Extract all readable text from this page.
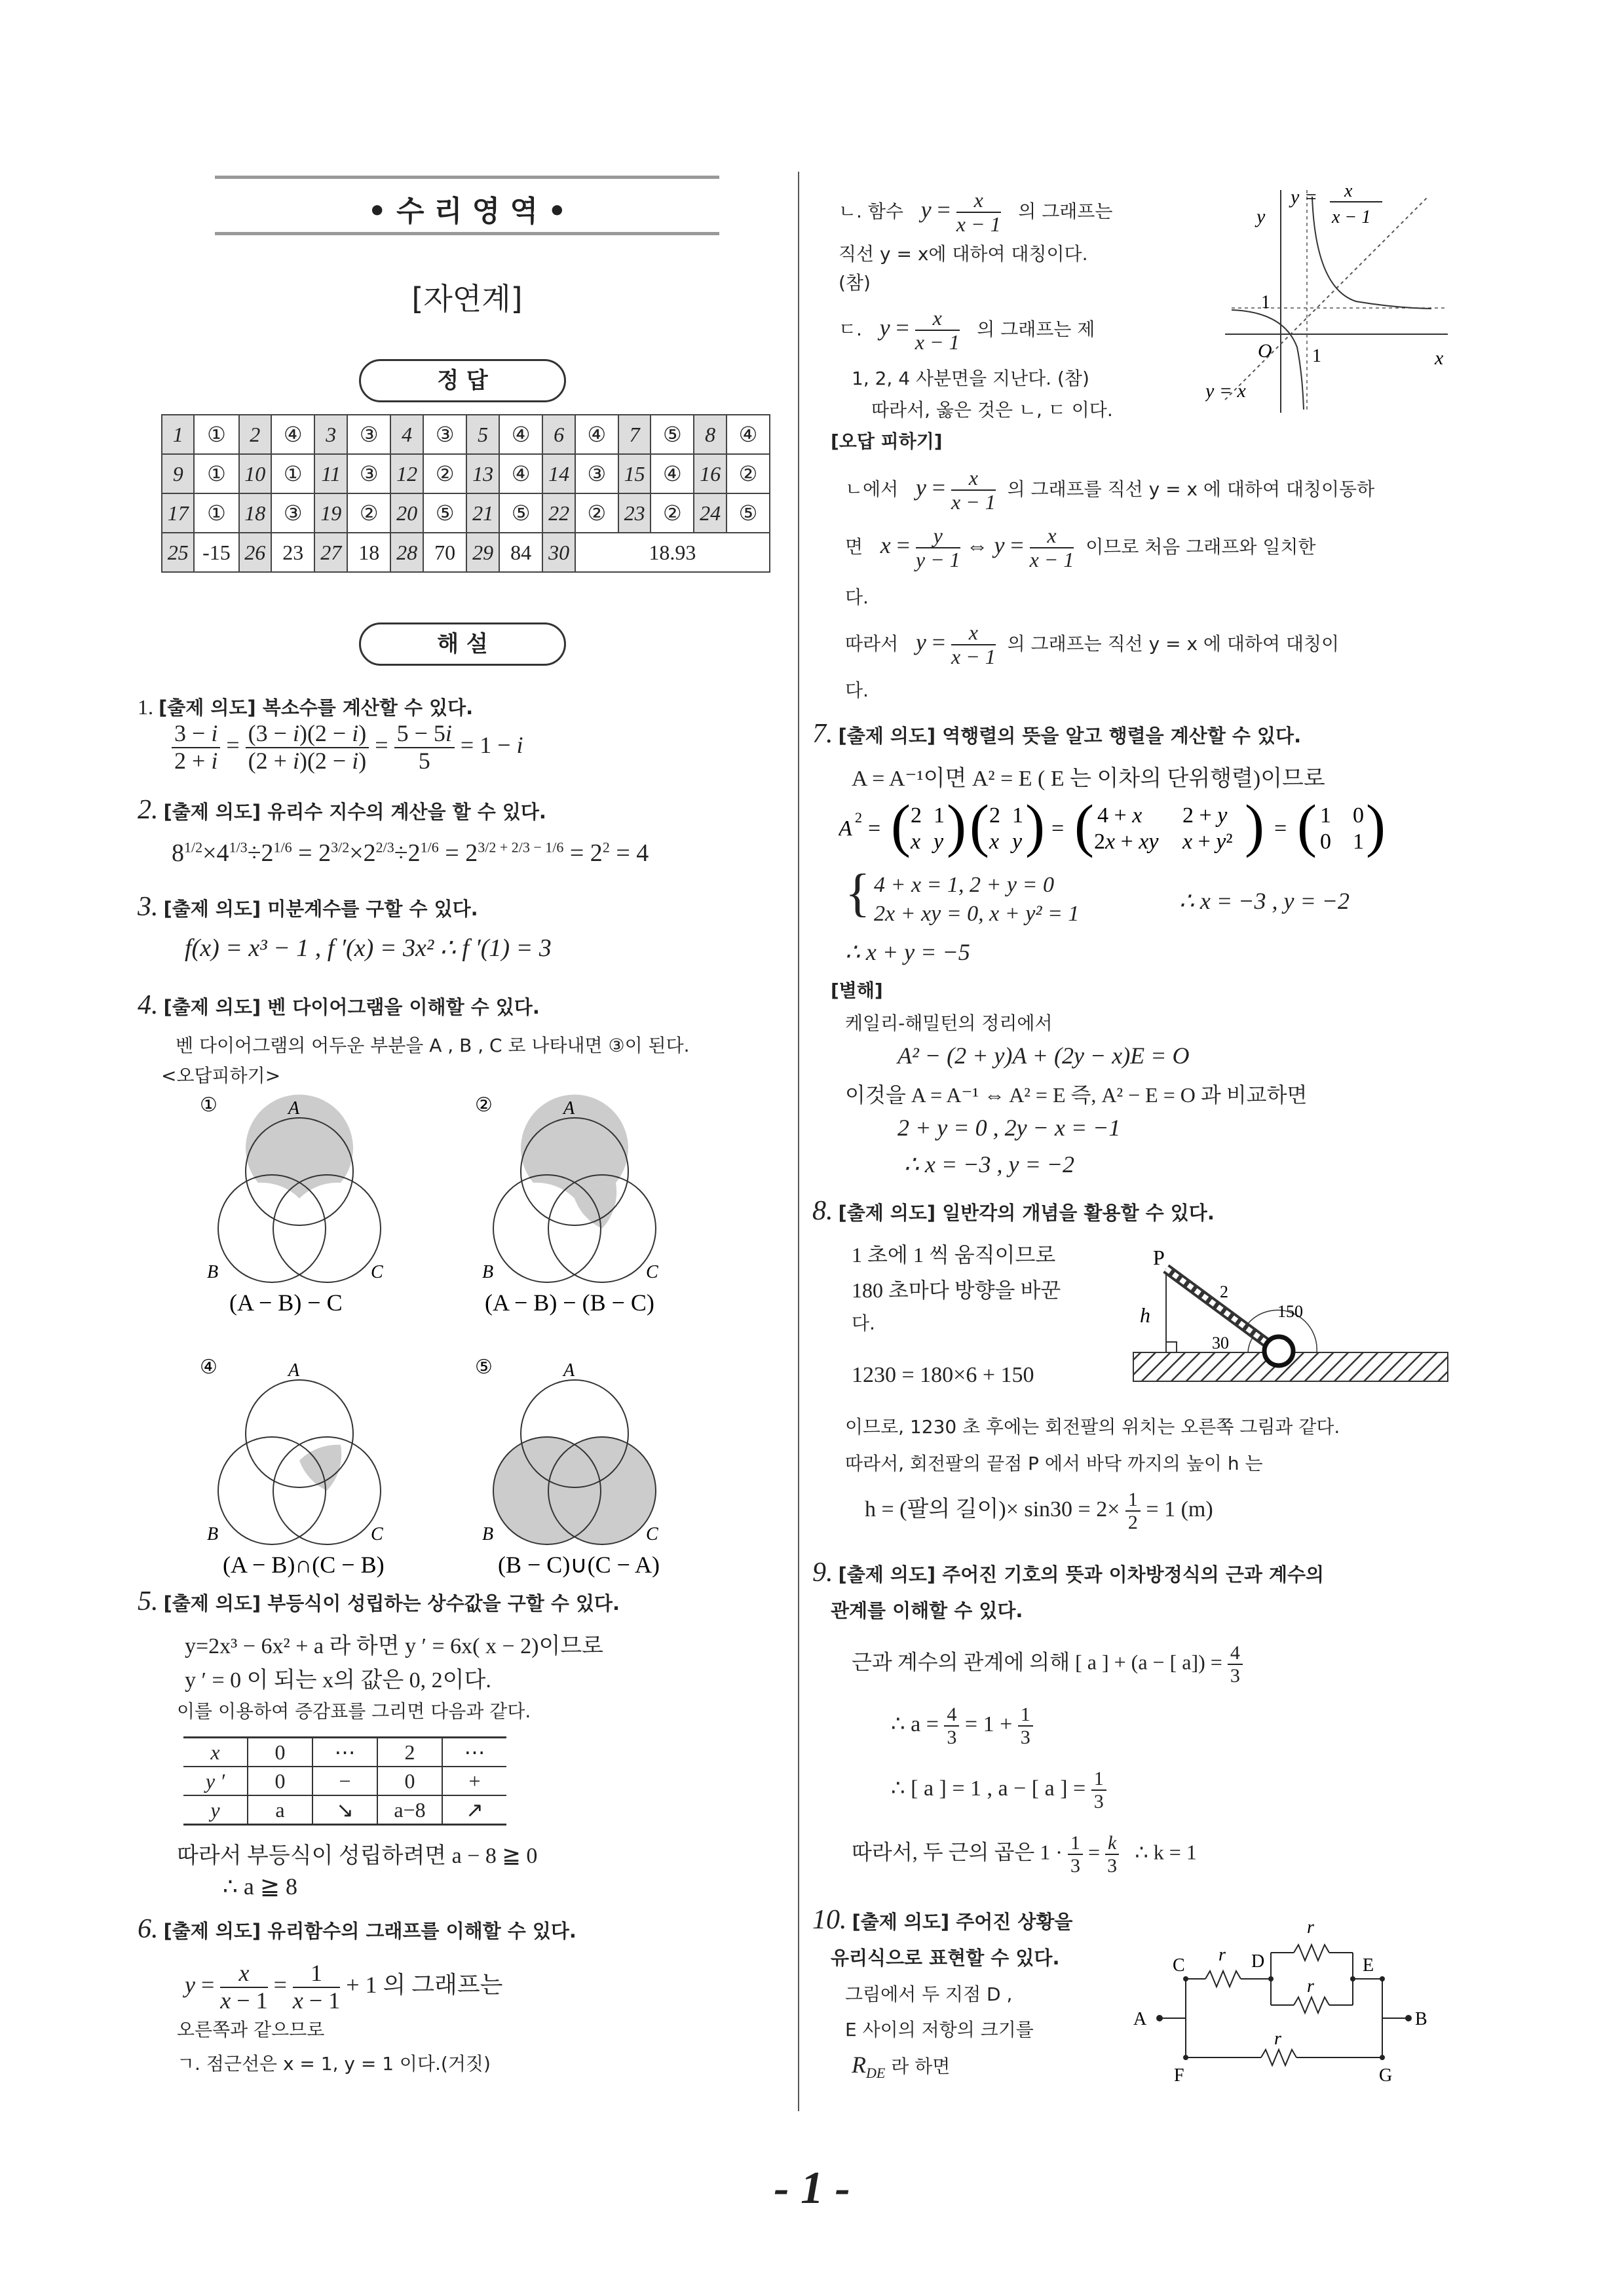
• 수 리 영 역 •
[자연계]
정 답
1	①	2	④	3	③	4	③	5	④	6	④	7	⑤	8	④
9	①	10	①	11	③	12	②	13	④	14	③	15	④	16	②
17	①	18	③	19	②	20	⑤	21	⑤	22	②	23	②	24	⑤
25	-15	26	23	27	18	28	70	29	84	30	18.93				
해 설
1. [출제 의도] 복소수를 계산할 수 있다.
$\frac{3 - i}{2 + i} = \frac{(3 - i)(2 - i)}{(2 + i)(2 - i)} = \frac{5 - 5i}{5} = 1 - i$
2. [출제 의도] 유리수 지수의 계산을 할 수 있다.
$8^{1/2}\times 4^{1/3}\div 2^{1/6} = 2^{3/2}\times 2^{2/3}\div 2^{1/6} = 2^{3/2 + 2/3 - 1/6} = 2^2 = 4$
3. [출제 의도] 미분계수를 구할 수 있다.
f(x) = x³ − 1 , f ′(x) = 3x² ∴ f ′(1) = 3
4. [출제 의도] 벤 다이어그램을 이해할 수 있다.
벤 다이어그램의 어두운 부분을 A , B , C 로 나타내면 ③이 된다.
<오답피하기>
①	A
B	C
(A − B) − C
②	A
B	C
(A − B) − (B − C)
④	A
B	C
(A − B)∩(C − B)
⑤	A
B	C
(B − C)∪(C − A)
5. [출제 의도] 부등식이 성립하는 상수값을 구할 수 있다.
y=2x³ − 6x² + a 라 하면 y ′ = 6x( x − 2)이므로
y ′ = 0 이 되는 x의 값은 0, 2이다.
이를 이용하여 증감표를 그리면 다음과 같다.
x	0	⋯	2	⋯
y ′	0	−	0	+
y	a	↘	a−8	↗
따라서 부등식이 성립하려면 a − 8 ≧ 0
∴ a ≧ 8
6. [출제 의도] 유리함수의 그래프를 이해할 수 있다.
$y = \frac{x}{x - 1} = \frac{1}{x - 1} + 1$ 의 그래프는
오른쪽과 같으므로
ㄱ. 점근선은 x = 1, y = 1 이다.(거짓)
ㄴ. 함수 $y = \frac{x}{x - 1}$ 의 그래프는
직선 y = x에 대하여 대칭이다.
(참)
ㄷ. $y = \frac{x}{x - 1}$ 의 그래프는 제
1, 2, 4 사분면을 지난다. (참)
따라서, 옳은 것은 ㄴ, ㄷ 이다.
y
x
O 1
1
y = x
y = x
x − 1
[오답 피하기]
ㄴ에서 $y = \frac{x}{x - 1}$ 의 그래프를 직선 y = x 에 대하여 대칭이동하
면 $x = \frac{y}{y - 1}$ ⇔ $y = \frac{x}{x - 1}$ 이므로 처음 그래프와 일치한
다.
따라서 $y = \frac{x}{x - 1}$ 의 그래프는 직선 y = x 에 대하여 대칭이
다.
7. [출제 의도] 역행렬의 뜻을 알고 행렬을 계산할 수 있다.
A = A⁻¹이면 A² = E ( E 는 이차의 단위행렬)이므로
A 2 = ( 2 1
x y ) ( 2 1
x y ) = ( 4 + x 2 + y
2x + xy x + y² ) = ( 1 0
0 1 )
{ 4 + x = 1, 2 + y = 0
2x + xy = 0, x + y² = 1	∴ x = −3 , y = −2
∴ x + y = −5
[별해]
케일리-해밀턴의 정리에서
A² − (2 + y)A + (2y − x)E = O
이것을 A = A⁻¹ ⇔ A² = E 즉, A² − E = O 과 비교하면
2 + y = 0 , 2y − x = −1
∴ x = −3 , y = −2
8. [출제 의도] 일반각의 개념을 활용할 수 있다.
1 초에 1 씩 움직이므로
180 초마다 방향을 바꾼
다.
1230 = 180×6 + 150
P
h
2
150
30
이므로, 1230 초 후에는 회전팔의 위치는 오른쪽 그림과 같다.
따라서, 회전팔의 끝점 P 에서 바닥 까지의 높이 h 는
h = (팔의 길이)× $\sin 30 = 2\times \frac{1}{2} = 1$ (m)
9. [출제 의도] 주어진 기호의 뜻과 이차방정식의 근과 계수의
관계를 이해할 수 있다.
근과 계수의 관계에 의해 [ a ] + (a − [ $a]) = \frac{4}{3}$
∴ $a = \frac{4}{3} = 1 + \frac{1}{3}$
∴ [ a ] = 1 , a − [ a ] = $\frac{1}{3}$
따라서, 두 근의 곱은 $1 \cdot \frac{1}{3} = \frac{k}{3}$ ∴ k = 1
10. [출제 의도] 주어진 상황을
유리식으로 표현할 수 있다.
그림에서 두 지점 D ,
E 사이의 저항의 크기를
$R_{DE}$ 라 하면
r
r
r
r
A	B
C	D	E
F	G
- 1 -
